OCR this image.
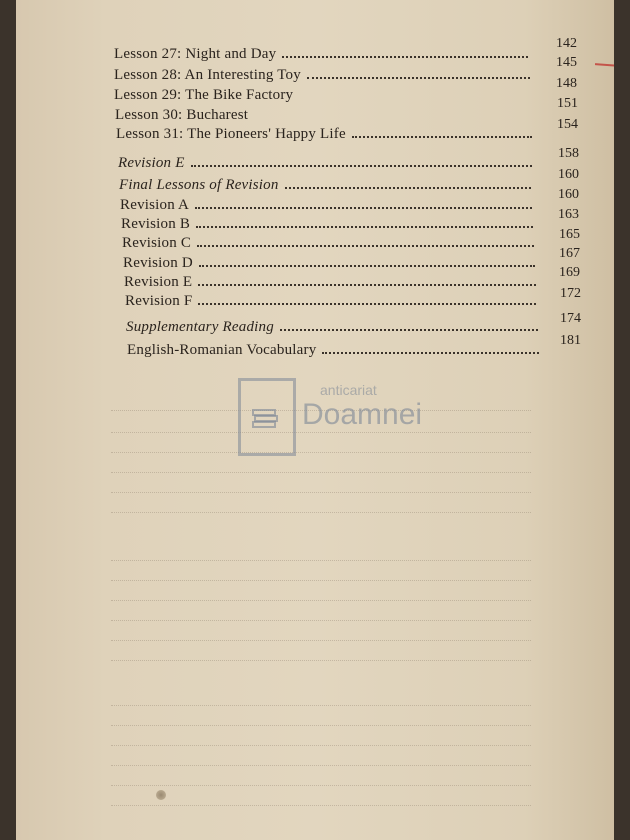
Lesson 27: Night and Day
142
Lesson 28: An Interesting Toy
145
Lesson 29: The Bike Factory
148
Lesson 30: Bucharest
151
Lesson 31: The Pioneers' Happy Life
154
Revision E
158
Final Lessons of Revision
160
Revision A
160
Revision B
163
Revision C
165
Revision D
167
Revision E
169
Revision F	172
Supplementary Reading
174
English-Romanian Vocabulary
181
anticariat
Doamnei
